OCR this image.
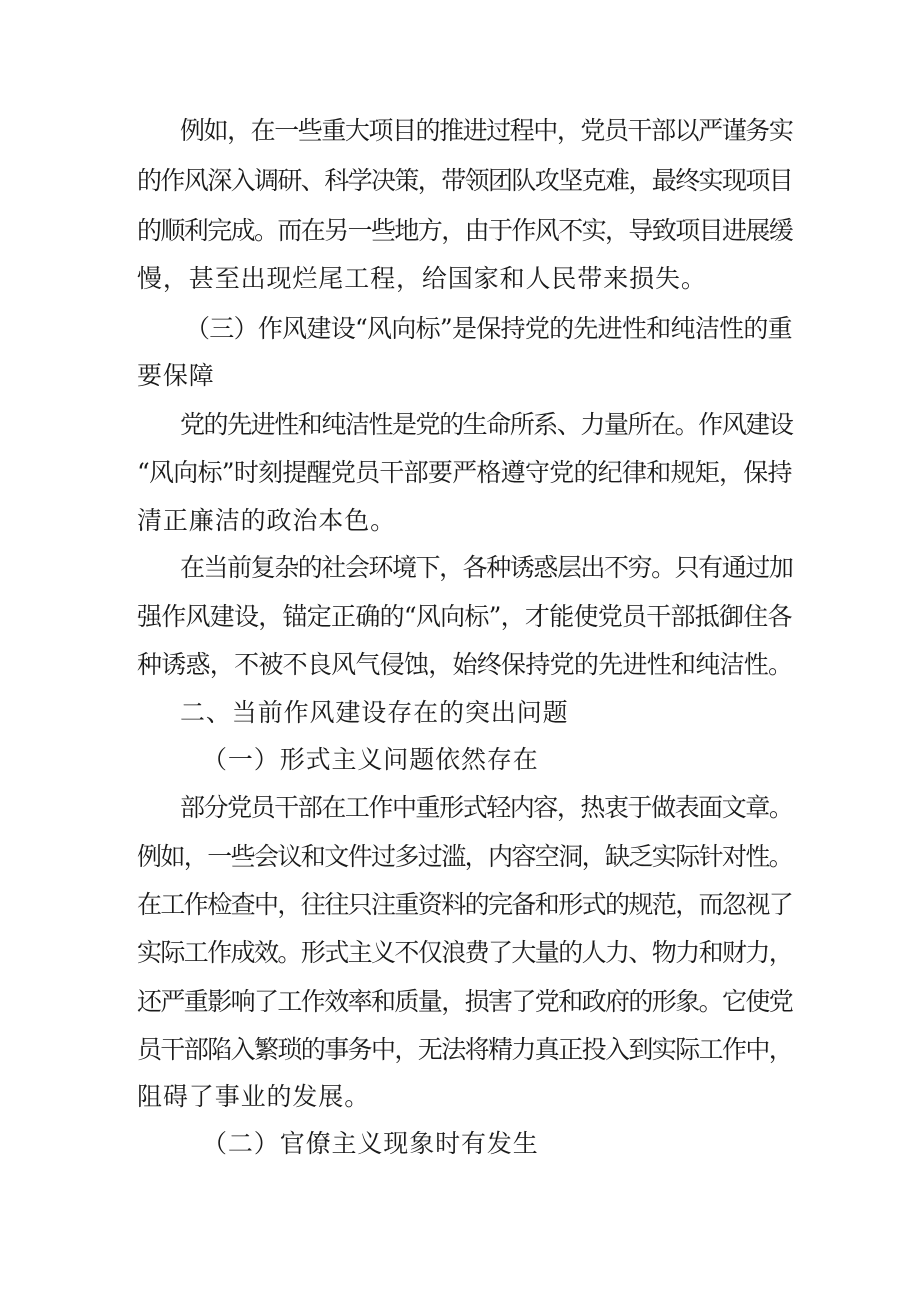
例如，在一些重大项目的推进过程中，党员干部以严谨务实
的作风深入调研、科学决策，带领团队攻坚克难，最终实现项目
的顺利完成。而在另一些地方，由于作风不实，导致项目进展缓
慢，甚至出现烂尾工程，给国家和人民带来损失。
（三）作风建设“风向标”是保持党的先进性和纯洁性的重
要保障
党的先进性和纯洁性是党的生命所系、力量所在。作风建设
“风向标”时刻提醒党员干部要严格遵守党的纪律和规矩，保持
清正廉洁的政治本色。
在当前复杂的社会环境下，各种诱惑层出不穷。只有通过加
强作风建设，锚定正确的“风向标”，才能使党员干部抵御住各
种诱惑，不被不良风气侵蚀，始终保持党的先进性和纯洁性。
二、当前作风建设存在的突出问题
（一）形式主义问题依然存在
部分党员干部在工作中重形式轻内容，热衷于做表面文章。
例如，一些会议和文件过多过滥，内容空洞，缺乏实际针对性。
在工作检查中，往往只注重资料的完备和形式的规范，而忽视了
实际工作成效。形式主义不仅浪费了大量的人力、物力和财力，
还严重影响了工作效率和质量，损害了党和政府的形象。它使党
员干部陷入繁琐的事务中，无法将精力真正投入到实际工作中，
阻碍了事业的发展。
（二）官僚主义现象时有发生
